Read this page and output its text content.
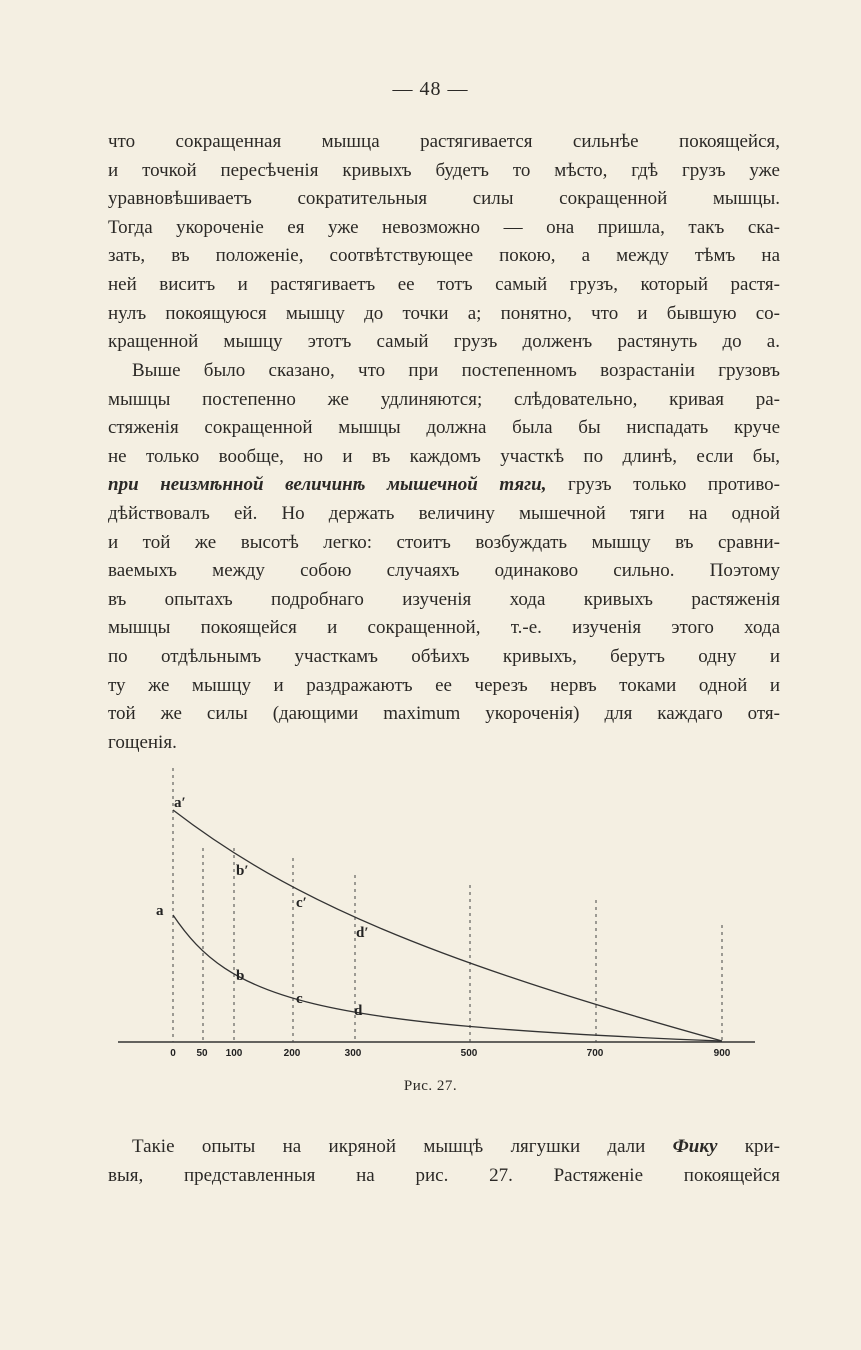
— 48 —
что сокращенная мышца растягивается сильнѣе покоящейся,
и точкой пересѣченія кривыхъ будетъ то мѣсто, гдѣ грузъ уже
уравновѣшиваетъ сократительныя силы сокращенной мышцы.
Тогда укороченіе ея уже невозможно — она пришла, такъ ска-
зать, въ положеніе, соотвѣтствующее покою, а между тѣмъ на
ней виситъ и растягиваетъ ее тотъ самый грузъ, который растя-
нулъ покоящуюся мышцу до точки a; понятно, что и бывшую со-
кращенной мышцу этотъ самый грузъ долженъ растянуть до a.
Выше было сказано, что при постепенномъ возрастаніи грузовъ
мышцы постепенно же удлиняются; слѣдовательно, кривая ра-
стяженія сокращенной мышцы должна была бы ниспадать круче
не только вообще, но и въ каждомъ участкѣ по длинѣ, если бы,
при неизмѣнной величинѣ мышечной тяги, грузъ только противо-
дѣйствовалъ ей. Но держать величину мышечной тяги на одной
и той же высотѣ легко: стоитъ возбуждать мышцу въ сравни-
ваемыхъ между собою случаяхъ одинаково сильно. Поэтому
въ опытахъ подробнаго изученія хода кривыхъ растяженія
мышцы покоящейся и сокращенной, т.-е. изученія этого хода
по отдѣльнымъ участкамъ обѣихъ кривыхъ, берутъ одну и
ту же мышцу и раздражаютъ ее черезъ нервъ токами одной и
той же силы (дающими maximum укороченія) для каждаго отя-
гощенія.
a′
b′
c′
d′
a
b
c
d
0 50 100	200	300	500	700	900
Рис. 27.
Такіе опыты на икряной мышцѣ лягушки дали Фику кри-
выя, представленныя на рис. 27. Растяженіе покоящейся
